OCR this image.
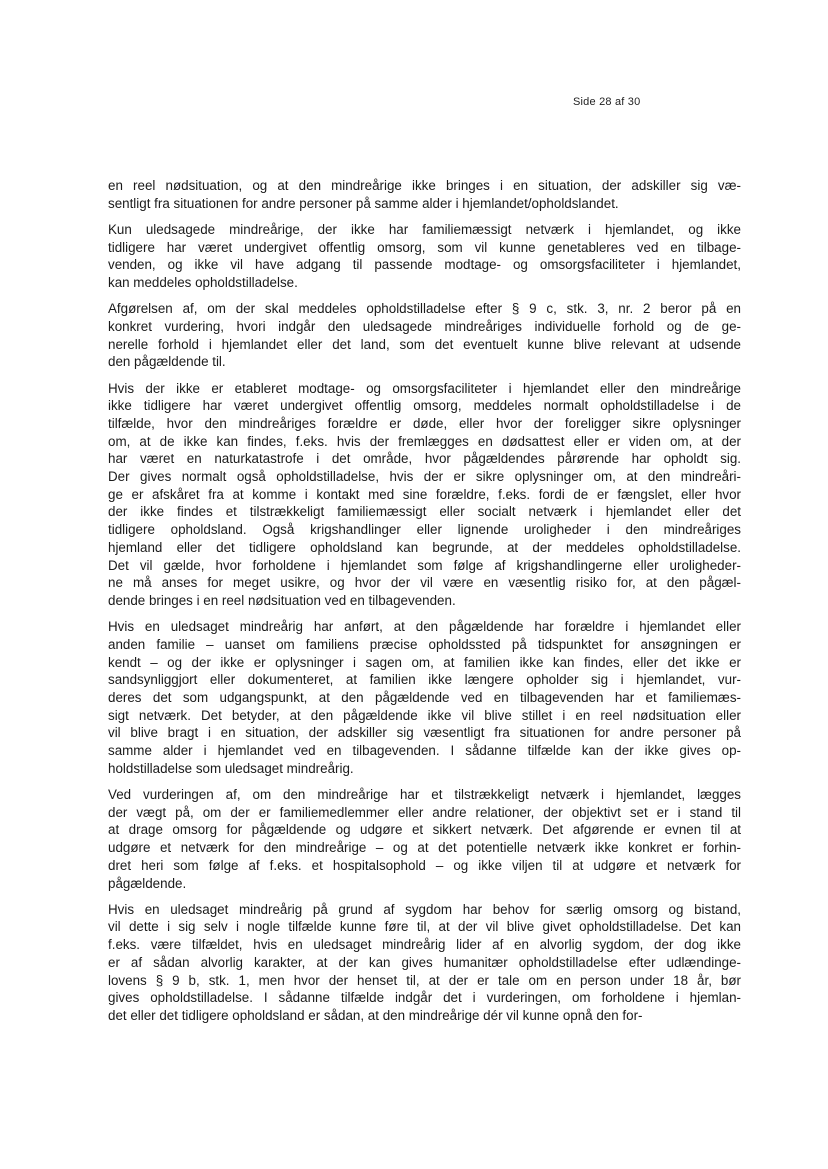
Side 28 af 30
en reel nødsituation, og at den mindreårige ikke bringes i en situation, der adskiller sig væ-
sentligt fra situationen for andre personer på samme alder i hjemlandet/opholdslandet.
Kun uledsagede mindreårige, der ikke har familiemæssigt netværk i hjemlandet, og ikke
tidligere har været undergivet offentlig omsorg, som vil kunne genetableres ved en tilbage-
venden, og ikke vil have adgang til passende modtage- og omsorgsfaciliteter i hjemlandet,
kan meddeles opholdstilladelse.
Afgørelsen af, om der skal meddeles opholdstilladelse efter § 9 c, stk. 3, nr. 2 beror på en
konkret vurdering, hvori indgår den uledsagede mindreåriges individuelle forhold og de ge-
nerelle forhold i hjemlandet eller det land, som det eventuelt kunne blive relevant at udsende
den pågældende til.
Hvis der ikke er etableret modtage- og omsorgsfaciliteter i hjemlandet eller den mindreårige
ikke tidligere har været undergivet offentlig omsorg, meddeles normalt opholdstilladelse i de
tilfælde, hvor den mindreåriges forældre er døde, eller hvor der foreligger sikre oplysninger
om, at de ikke kan findes, f.eks. hvis der fremlægges en dødsattest eller er viden om, at der
har været en naturkatastrofe i det område, hvor pågældendes pårørende har opholdt sig.
Der gives normalt også opholdstilladelse, hvis der er sikre oplysninger om, at den mindreåri-
ge er afskåret fra at komme i kontakt med sine forældre, f.eks. fordi de er fængslet, eller hvor
der ikke findes et tilstrækkeligt familiemæssigt eller socialt netværk i hjemlandet eller det
tidligere opholdsland. Også krigshandlinger eller lignende uroligheder i den mindreåriges
hjemland eller det tidligere opholdsland kan begrunde, at der meddeles opholdstilladelse.
Det vil gælde, hvor forholdene i hjemlandet som følge af krigshandlingerne eller uroligheder-
ne må anses for meget usikre, og hvor der vil være en væsentlig risiko for, at den pågæl-
dende bringes i en reel nødsituation ved en tilbagevenden.
Hvis en uledsaget mindreårig har anført, at den pågældende har forældre i hjemlandet eller
anden familie – uanset om familiens præcise opholdssted på tidspunktet for ansøgningen er
kendt – og der ikke er oplysninger i sagen om, at familien ikke kan findes, eller det ikke er
sandsynliggjort eller dokumenteret, at familien ikke længere opholder sig i hjemlandet, vur-
deres det som udgangspunkt, at den pågældende ved en tilbagevenden har et familiemæs-
sigt netværk. Det betyder, at den pågældende ikke vil blive stillet i en reel nødsituation eller
vil blive bragt i en situation, der adskiller sig væsentligt fra situationen for andre personer på
samme alder i hjemlandet ved en tilbagevenden. I sådanne tilfælde kan der ikke gives op-
holdstilladelse som uledsaget mindreårig.
Ved vurderingen af, om den mindreårige har et tilstrækkeligt netværk i hjemlandet, lægges
der vægt på, om der er familiemedlemmer eller andre relationer, der objektivt set er i stand til
at drage omsorg for pågældende og udgøre et sikkert netværk. Det afgørende er evnen til at
udgøre et netværk for den mindreårige – og at det potentielle netværk ikke konkret er forhin-
dret heri som følge af f.eks. et hospitalsophold – og ikke viljen til at udgøre et netværk for
pågældende.
Hvis en uledsaget mindreårig på grund af sygdom har behov for særlig omsorg og bistand,
vil dette i sig selv i nogle tilfælde kunne føre til, at der vil blive givet opholdstilladelse. Det kan
f.eks. være tilfældet, hvis en uledsaget mindreårig lider af en alvorlig sygdom, der dog ikke
er af sådan alvorlig karakter, at der kan gives humanitær opholdstilladelse efter udlændinge-
lovens § 9 b, stk. 1, men hvor der henset til, at der er tale om en person under 18 år, bør
gives opholdstilladelse. I sådanne tilfælde indgår det i vurderingen, om forholdene i hjemlan-
det eller det tidligere opholdsland er sådan, at den mindreårige dér vil kunne opnå den for-
